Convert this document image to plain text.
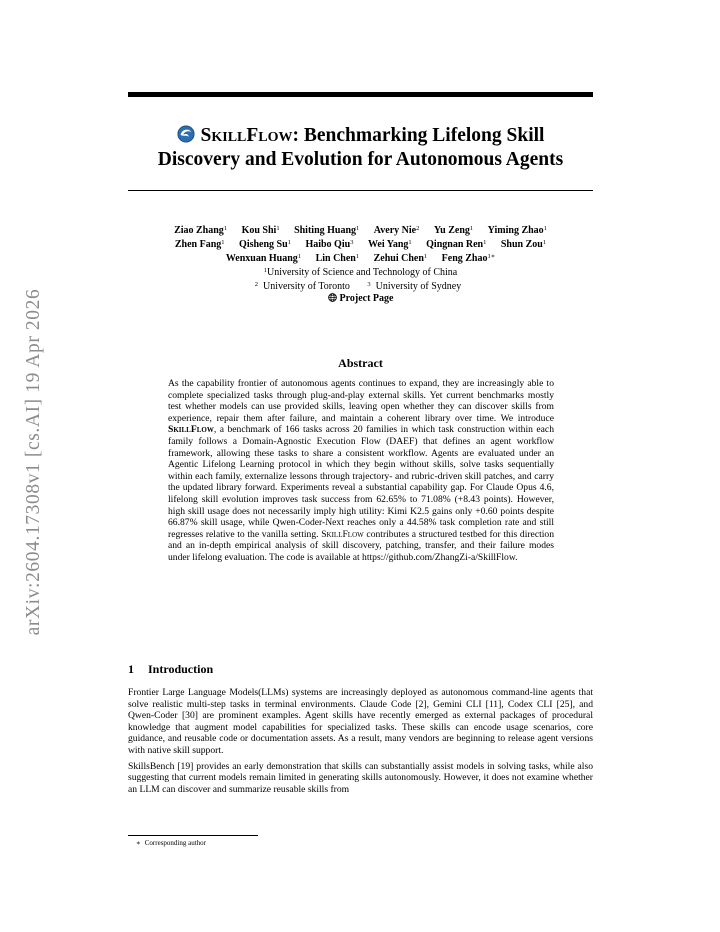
arXiv:2604.17308v1 [cs.AI] 19 Apr 2026
SkillFlow: Benchmarking Lifelong Skill
Discovery and Evolution for Autonomous Agents
Ziao Zhang$^1$ Kou Shi$^1$ Shiting Huang$^1$ Avery Nie$^2$ Yu Zeng$^1$ Yiming Zhao$^1$
Zhen Fang$^1$ Qisheng Su$^1$ Haibo Qiu$^3$ Wei Yang$^1$ Qingnan Ren$^1$ Shun Zou$^1$
Wenxuan Huang$^1$ Lin Chen$^1$ Zehui Chen$^1$ Feng Zhao$^{1∗}$
$^1$University of Science and Technology of China
$^2$ University of Toronto	$^3$ University of Sydney
Project Page
Abstract
As the capability frontier of autonomous agents continues to expand, they are increasingly able to complete specialized tasks through plug-and-play external skills. Yet current benchmarks mostly test whether models can use provided skills, leaving open whether they can discover skills from experience, repair them after failure, and maintain a coherent library over time. We introduce SkillFlow, a benchmark of 166 tasks across 20 families in which task construction within each family follows a Domain-Agnostic Execution Flow (DAEF) that defines an agent workflow framework, allowing these tasks to share a consistent workflow. Agents are evaluated under an Agentic Lifelong Learning protocol in which they begin without skills, solve tasks sequentially within each family, externalize lessons through trajectory- and rubric-driven skill patches, and carry the updated library forward. Experiments reveal a substantial capability gap. For Claude Opus 4.6, lifelong skill evolution improves task success from 62.65% to 71.08% (+8.43 points). However, high skill usage does not necessarily imply high utility: Kimi K2.5 gains only +0.60 points despite 66.87% skill usage, while Qwen-Coder-Next reaches only a 44.58% task completion rate and still regresses relative to the vanilla setting. SkillFlow contributes a structured testbed for this direction and an in-depth empirical analysis of skill discovery, patching, transfer, and their failure modes under lifelong evaluation. The code is available at https://github.com/ZhangZi-a/SkillFlow.
1 Introduction

Frontier Large Language Models(LLMs) systems are increasingly deployed as autonomous command-line agents that solve realistic multi-step tasks in terminal environments. Claude Code [2], Gemini CLI [11], Codex CLI [25], and Qwen-Coder [30] are prominent examples. Agent skills have recently emerged as external packages of procedural knowledge that augment model capabilities for specialized tasks. These skills can encode usage scenarios, core guidance, and reusable code or documentation assets. As a result, many vendors are beginning to release agent versions with native skill support.

SkillsBench [19] provides an early demonstration that skills can substantially assist models in solving tasks, while also suggesting that current models remain limited in generating skills autonomously. However, it does not examine whether an LLM can discover and summarize reusable skills from

∗ Corresponding author
